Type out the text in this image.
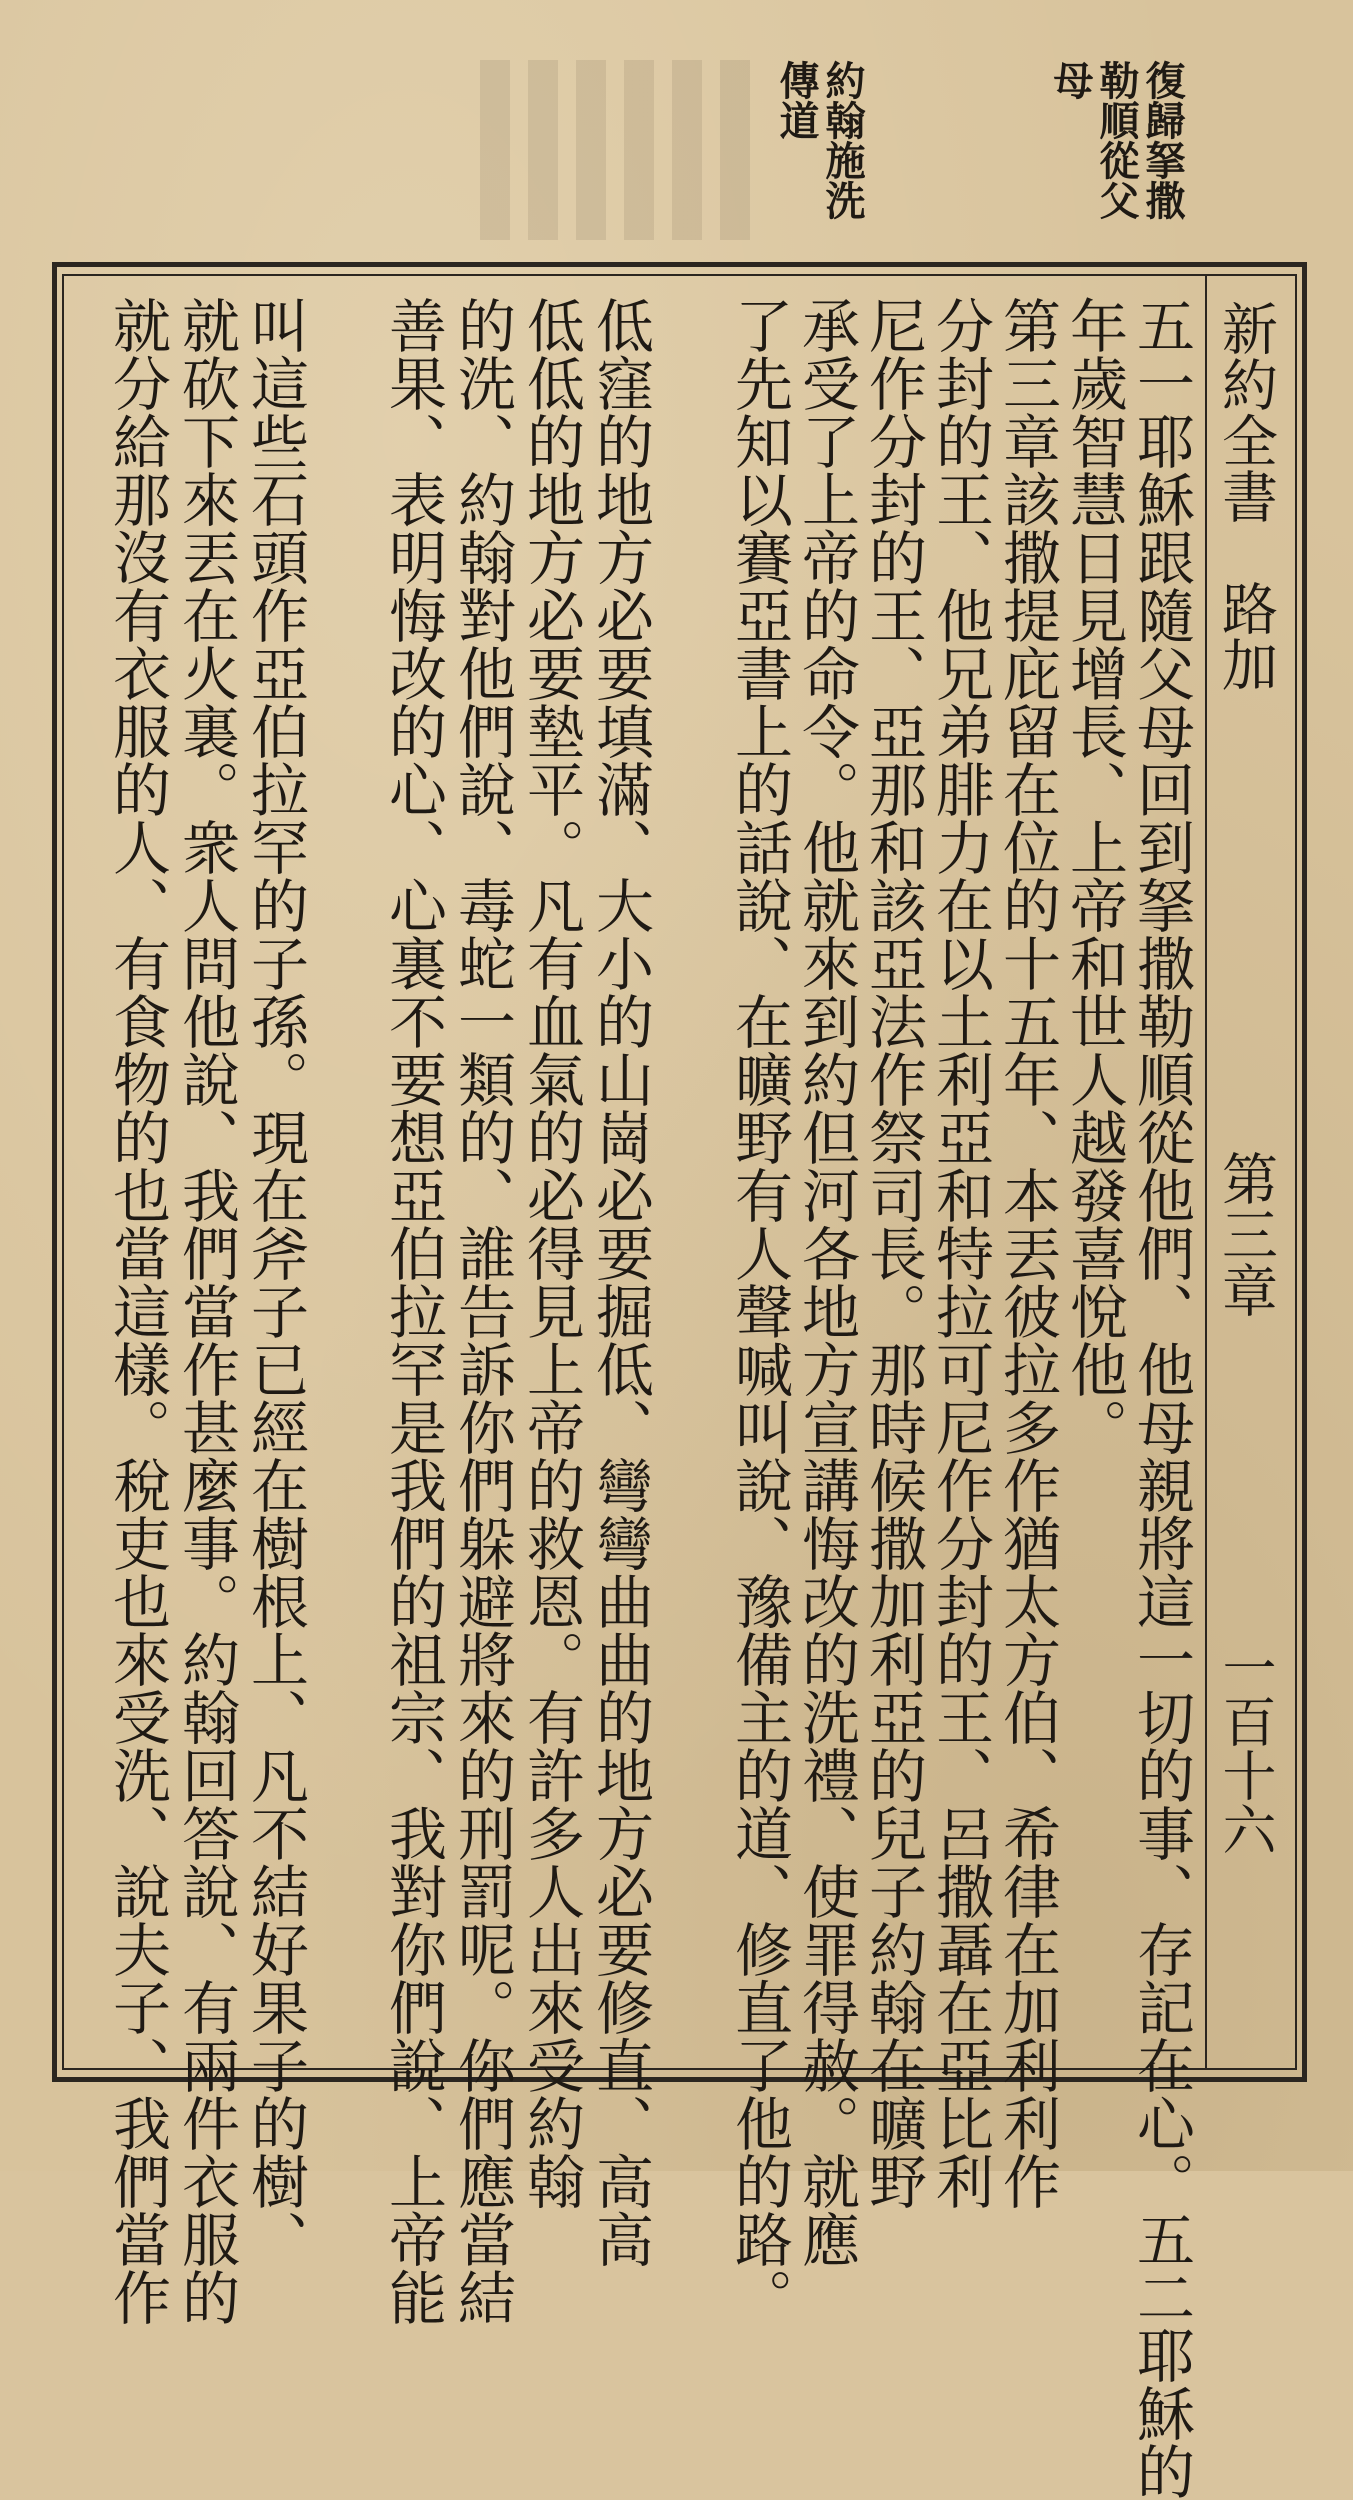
復歸拏撒
勒順從父
母
約翰施洗
傳道
新約全書
路加
第三章
一百十六
五一耶穌跟隨父母回到拏撒勒順從他們、他母親將這一切的事、存記在心。五二耶穌的
年歲智慧日見增長、上帝和世人越發喜悅他。
第三章該撒提庇留在位的十五年、本丟彼拉多作猶太方伯、希律在加利利作
分封的王、他兄弟腓力在以土利亞和特拉可尼作分封的王、呂撒聶在亞比利
尼作分封的王、亞那和該亞法作祭司長。那時候撒加利亞的兒子約翰在曠野
承受了上帝的命令。他就來到約但河各地方宣講悔改的洗禮、使罪得赦。就應
了先知以賽亞書上的話說、在曠野有人聲喊叫說、豫備主的道、修直了他的路。
低窪的地方必要填滿、大小的山崗必要掘低、彎彎曲曲的地方必要修直、高高
低低的地方必要墊平。凡有血氣的必得見上帝的救恩。有許多人出來受約翰
的洗、約翰對他們說、毒蛇一類的、誰告訴你們躲避將來的刑罰呢。你們應當結
善果、表明悔改的心、心裏不要想亞伯拉罕是我們的祖宗、我對你們說、上帝能
叫這些石頭作亞伯拉罕的子孫。現在斧子已經在樹根上、凡不結好果子的樹、
就砍下來丟在火裏。衆人問他說、我們當作甚麼事。約翰回答說、有兩件衣服的
就分給那沒有衣服的人、有食物的也當這樣。稅吏也來受洗、說夫子、我們當作
